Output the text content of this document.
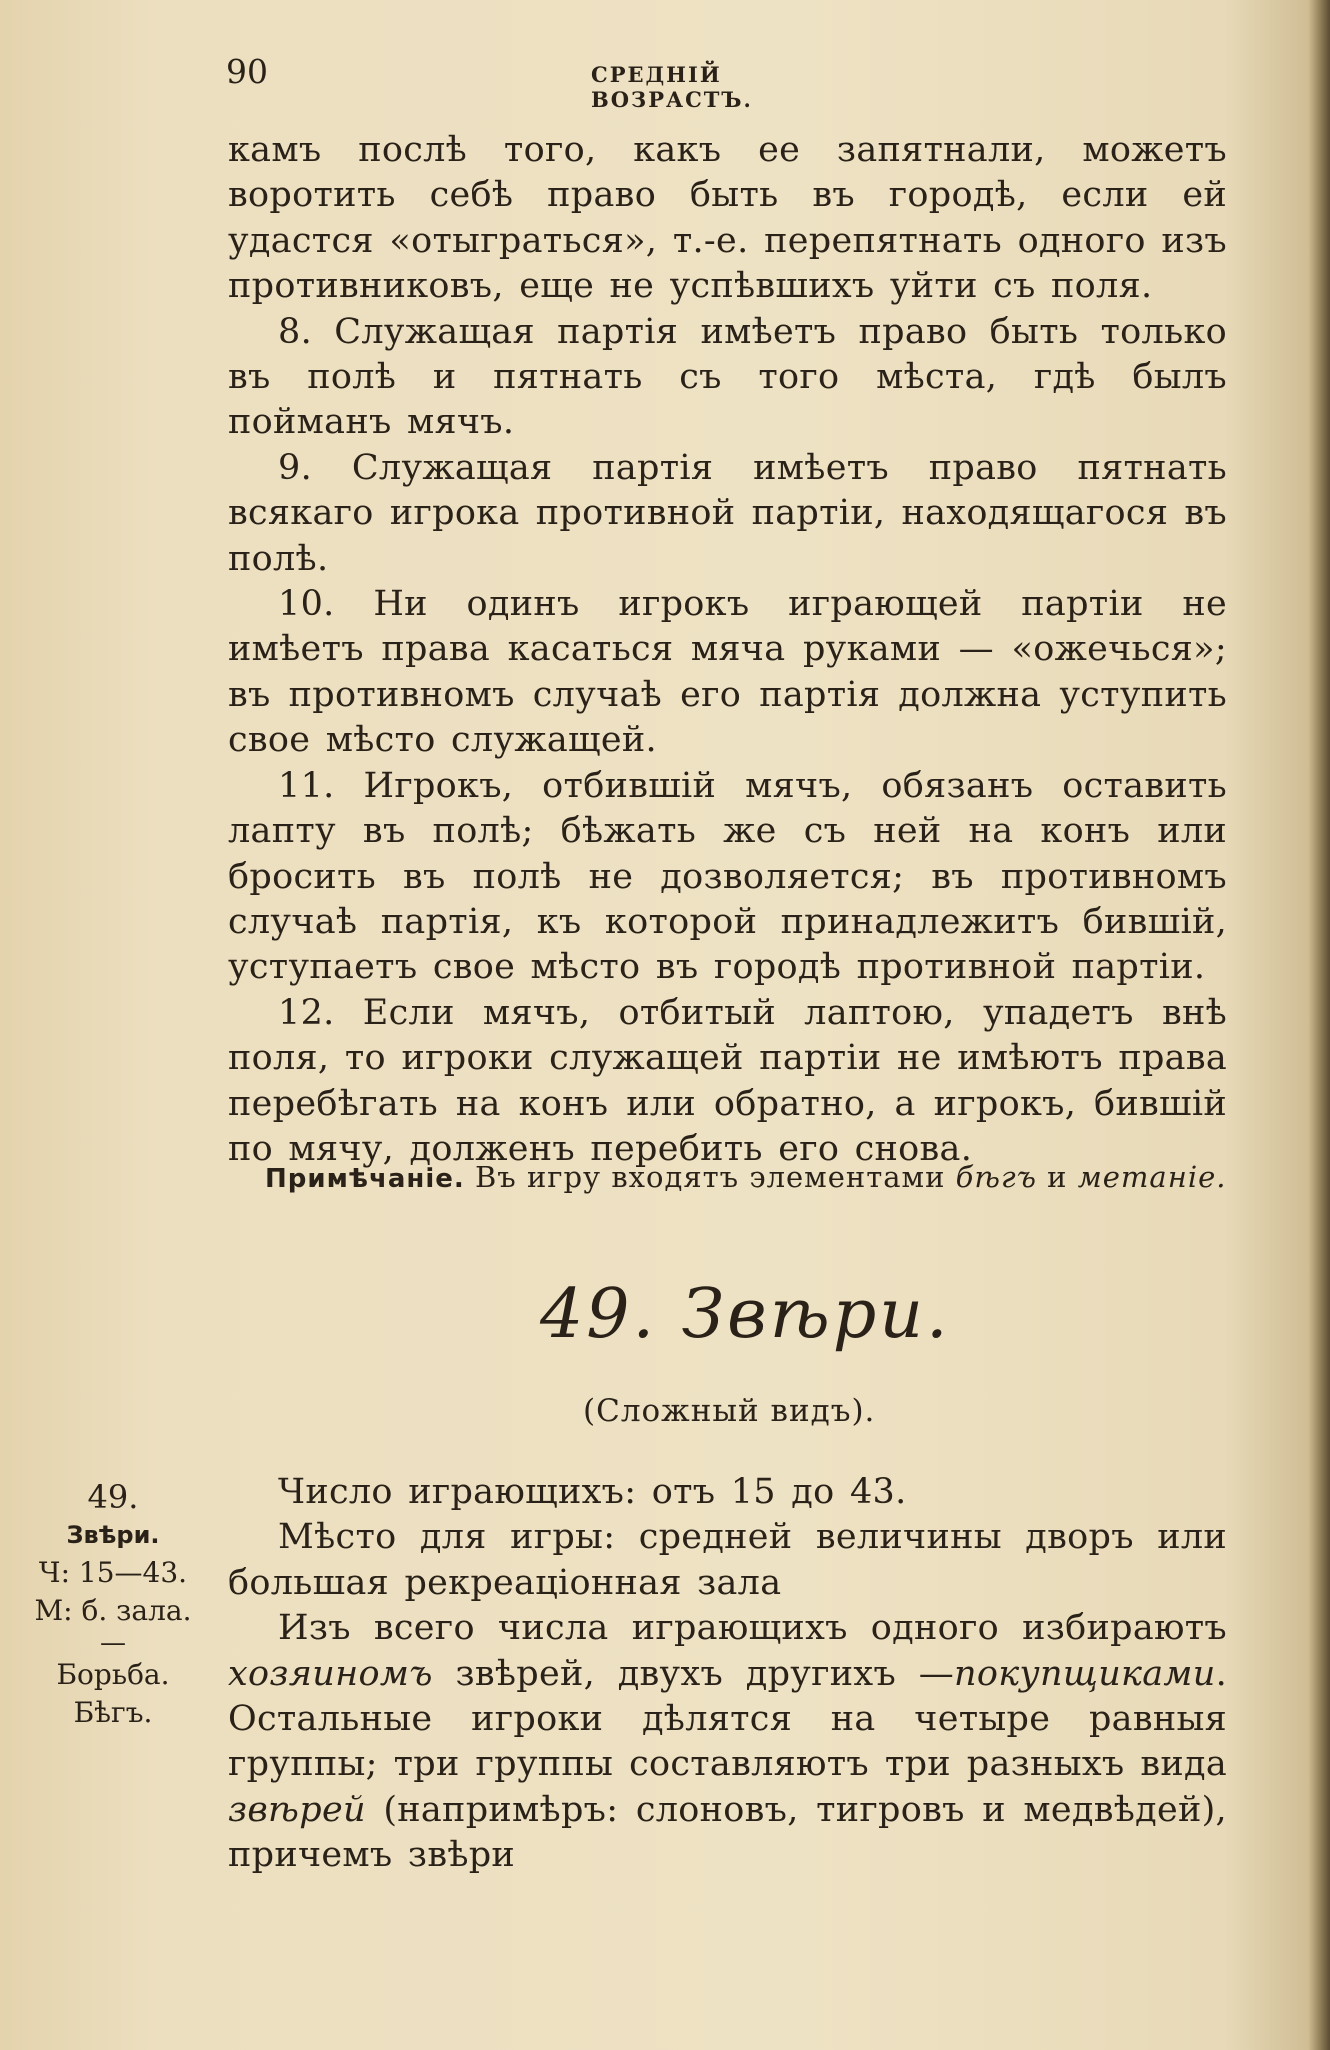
90	СРЕДНІЙ ВОЗРАСТЪ.

камъ послѣ того, какъ ее запятнали, можетъ воротить себѣ право быть въ городѣ, если ей удастся «отыграться», т.-е. перепятнать одного изъ противниковъ, еще не успѣвшихъ уйти съ поля.

8. Служащая партія имѣетъ право быть только въ полѣ и пятнать съ того мѣста, гдѣ былъ пойманъ мячъ.

9. Служащая партія имѣетъ право пятнать всякаго игрока противной партіи, находящагося въ полѣ.

10. Ни одинъ игрокъ играющей партіи не имѣетъ права касаться мяча руками — «ожечься»; въ противномъ случаѣ его партія должна уступить свое мѣсто служащей.

11. Игрокъ, отбившій мячъ, обязанъ оставить лапту въ полѣ; бѣжать же съ ней на конъ или бросить въ полѣ не дозволяется; въ противномъ случаѣ партія, къ которой принадлежитъ бившій, уступаетъ свое мѣсто въ городѣ противной партіи.

12. Если мячъ, отбитый лаптою, упадетъ внѣ поля, то игроки служащей партіи не имѣютъ права перебѣгать на конъ или обратно, а игрокъ, бившій по мячу, долженъ перебить его снова.

Примѣчаніе. Въ игру входятъ элементами бѣгъ и метаніе.
49. Звѣри.
(Сложный видъ).
49.
Звѣри.
Ч: 15—43.
М: б. зала.
—
Борьба.
Бѣгъ.

Число играющихъ: отъ 15 до 43.

Мѣсто для игры: средней величины дворъ или большая рекреаціонная зала

Изъ всего числа играющихъ одного избираютъ хозяиномъ звѣрей, двухъ другихъ —покупщиками. Остальные игроки дѣлятся на четыре равныя группы; три группы составляютъ три разныхъ вида звѣрей (напримѣръ: слоновъ, тигровъ и медвѣдей), причемъ звѣри
